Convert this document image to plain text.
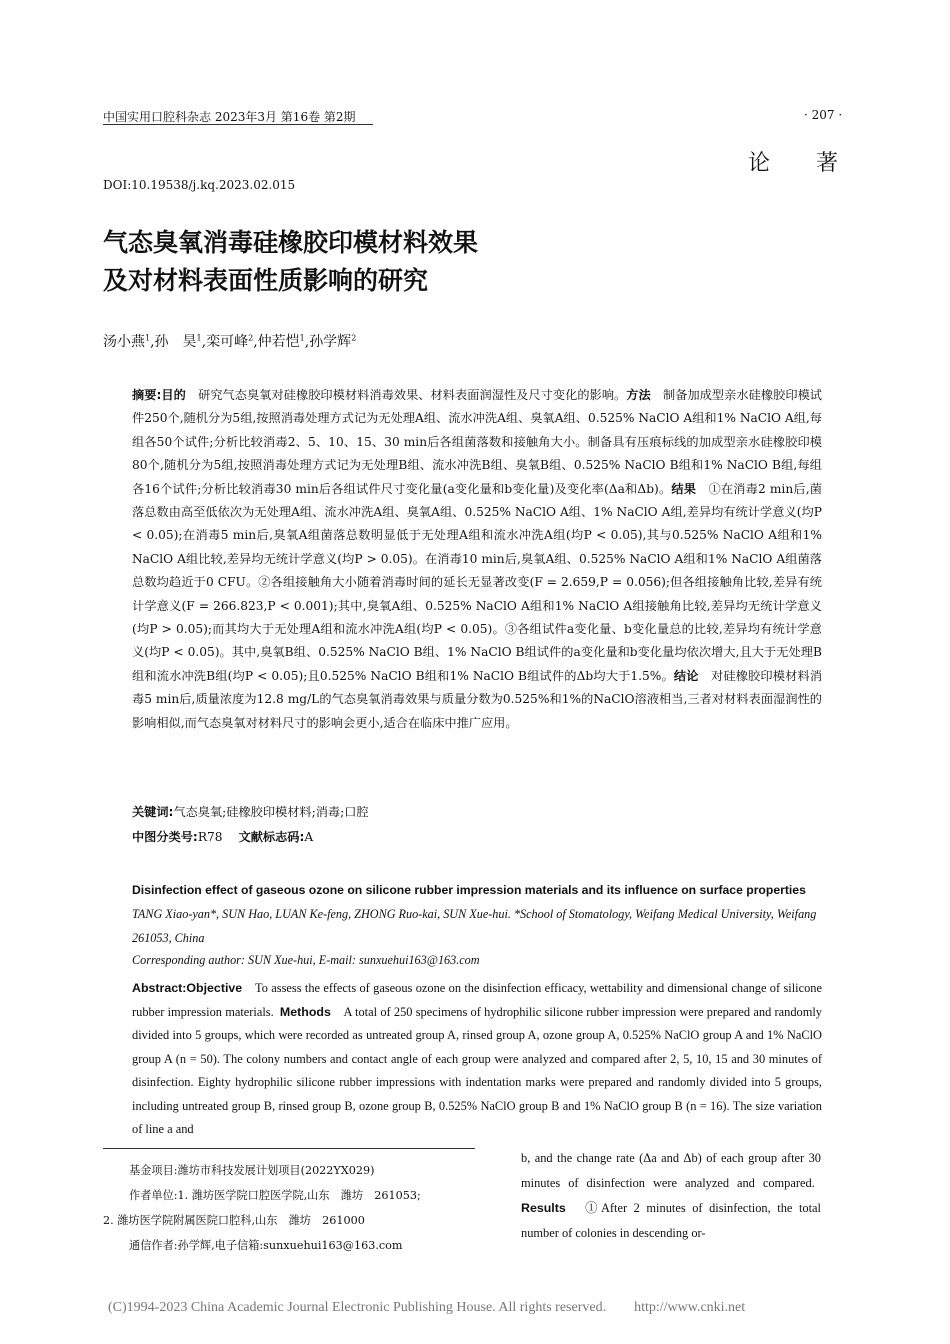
中国实用口腔科杂志 2023年3月 第16卷 第2期	· 207 ·
论著
DOI:10.19538/j.kq.2023.02.015
气态臭氧消毒硅橡胶印模材料效果
及对材料表面性质影响的研究
汤小燕$^1$,孙　昊$^1$,栾可峰$^2$,仲若恺$^1$,孙学辉$^2$
摘要:目的　研究气态臭氧对硅橡胶印模材料消毒效果、材料表面润湿性及尺寸变化的影响。方法　制备加成型亲水硅橡胶印模试件250个,随机分为5组,按照消毒处理方式记为无处理A组、流水冲洗A组、臭氧A组、0.525% NaClO A组和1% NaClO A组,每组各50个试件;分析比较消毒2、5、10、15、30 min后各组菌落数和接触角大小。制备具有压痕标线的加成型亲水硅橡胶印模80个,随机分为5组,按照消毒处理方式记为无处理B组、流水冲洗B组、臭氧B组、0.525% NaClO B组和1% NaClO B组,每组各16个试件;分析比较消毒30 min后各组试件尺寸变化量(a变化量和b变化量)及变化率(Δa和Δb)。结果　①在消毒2 min后,菌落总数由高至低依次为无处理A组、流水冲洗A组、臭氧A组、0.525% NaClO A组、1% NaClO A组,差异均有统计学意义(均P < 0.05);在消毒5 min后,臭氧A组菌落总数明显低于无处理A组和流水冲洗A组(均P < 0.05),其与0.525% NaClO A组和1% NaClO A组比较,差异均无统计学意义(均P > 0.05)。在消毒10 min后,臭氧A组、0.525% NaClO A组和1% NaClO A组菌落总数均趋近于0 CFU。②各组接触角大小随着消毒时间的延长无显著改变(F = 2.659,P = 0.056);但各组接触角比较,差异有统计学意义(F = 266.823,P < 0.001);其中,臭氧A组、0.525% NaClO A组和1% NaClO A组接触角比较,差异均无统计学意义(均P > 0.05);而其均大于无处理A组和流水冲洗A组(均P < 0.05)。③各组试件a变化量、b变化量总的比较,差异均有统计学意义(均P < 0.05)。其中,臭氧B组、0.525% NaClO B组、1% NaClO B组试件的a变化量和b变化量均依次增大,且大于无处理B组和流水冲洗B组(均P < 0.05);且0.525% NaClO B组和1% NaClO B组试件的Δb均大于1.5%。结论　对硅橡胶印模材料消毒5 min后,质量浓度为12.8 mg/L的气态臭氧消毒效果与质量分数为0.525%和1%的NaClO溶液相当,三者对材料表面湿润性的影响相似,而气态臭氧对材料尺寸的影响会更小,适合在临床中推广应用。
关键词:气态臭氧;硅橡胶印模材料;消毒;口腔
中图分类号:R78   文献标志码:A
Disinfection effect of gaseous ozone on silicone rubber impression materials and its influence on surface properties TANG Xiao-yan*, SUN Hao, LUAN Ke-feng, ZHONG Ruo-kai, SUN Xue-hui. *School of Stomatology, Weifang Medical University, Weifang 261053, China
Corresponding author: SUN Xue-hui, E-mail: sunxuehui163@163.com
Abstract:Objective　To assess the effects of gaseous ozone on the disinfection efficacy, wettability and dimensional change of silicone rubber impression materials.  Methods　A total of 250 specimens of hydrophilic silicone rubber impression were prepared and randomly divided into 5 groups, which were recorded as untreated group A, rinsed group A, ozone group A, 0.525% NaClO group A and 1% NaClO group A (n = 50). The colony numbers and contact angle of each group were analyzed and compared after 2, 5, 10, 15 and 30 minutes of disinfection. Eighty hydrophilic silicone rubber impressions with indentation marks were prepared and randomly divided into 5 groups, including untreated group B, rinsed group B, ozone group B, 0.525% NaClO group B and 1% NaClO group B (n = 16). The size variation of line a and
b, and the change rate (Δa and Δb) of each group after 30 minutes of disinfection were analyzed and compared. Results　①After 2 minutes of disinfection, the total number of colonies in descending or-
基金项目:潍坊市科技发展计划项目(2022YX029)
作者单位:1. 潍坊医学院口腔医学院,山东　潍坊　261053;
2. 潍坊医学院附属医院口腔科,山东　潍坊　261000
通信作者:孙学辉,电子信箱:sunxuehui163@163.com
(C)1994-2023 China Academic Journal Electronic Publishing House. All rights reserved.　　http://www.cnki.net
